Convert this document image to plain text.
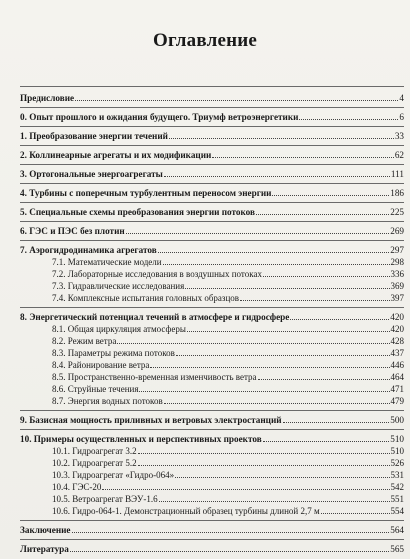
Оглавление
Предисловие	4
0. Опыт прошлого и ожидания будущего. Триумф ветроэнергетики	6
1. Преобразование энергии течений	33
2. Коллинеарные агрегаты и их модификации	62
3. Ортогональные энергоагрегаты	111
4. Турбины с поперечным турбулентным переносом энергии	186
5. Специальные схемы преобразования энергии потоков	225
6. ГЭС и ПЭС без плотин	269
7. Аэрогидродинамика агрегатов	297
7.1. Математические модели	298
7.2. Лабораторные исследования в воздушных потоках	336
7.3. Гидравлические исследования	369
7.4. Комплексные испытания головных образцов	397
8. Энергетический потенциал течений в атмосфере и гидросфере	420
8.1. Общая циркуляция атмосферы	420
8.2. Режим ветра	428
8.3. Параметры режима потоков	437
8.4. Районирование ветра	446
8.5. Пространственно-временная изменчивость ветра	464
8.6. Струйные течения	471
8.7. Энергия водных потоков	479
9. Базисная мощность приливных и ветровых электростанций	500
10. Примеры осуществленных и перспективных проектов	510
10.1. Гидроагрегат 3.2	510
10.2. Гидроагрегат 5.2	526
10.3. Гидроагрегат «Гидро-064»	531
10.4. ГЭС-20	542
10.5. Ветроагрегат ВЭУ-1.6	551
10.6. Гидро-064-1. Демонстрационный образец турбины длиной 2,7 м	554
Заключение	564
Литература	565
